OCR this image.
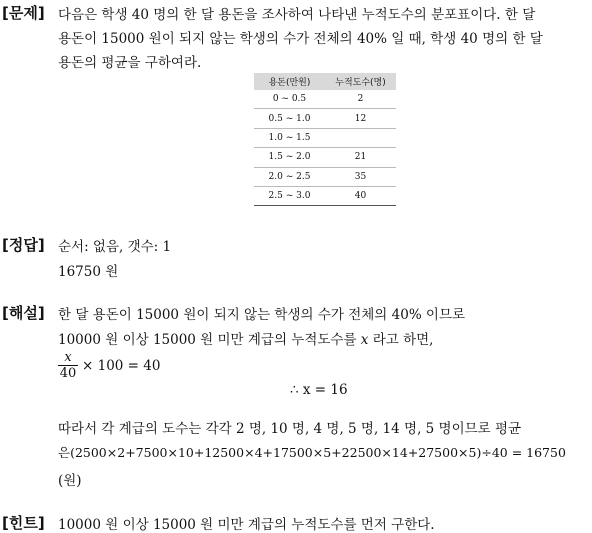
[문제] 다음은 학생 40 명의 한 달 용돈을 조사하여 나타낸 누적도수의 분포표이다. 한 달
용돈이 15000 원이 되지 않는 학생의 수가 전체의 40% 일 때, 학생 40 명의 한 달
용돈의 평균을 구하여라.
용돈(만원)	누적도수(명)
0 ~ 0.5	2
0.5 ~ 1.0	12
1.0 ~ 1.5	
1.5 ~ 2.0	21
2.0 ~ 2.5	35
2.5 ~ 3.0	40
[정답] 순서: 없음, 갯수: 1
16750 원
[해설] 한 달 용돈이 15000 원이 되지 않는 학생의 수가 전체의 40% 이므로
10000 원 이상 15000 원 미만 계급의 누적도수를 x 라고 하면,
$\frac{x}{40} \times 100 = 40$
∴ x = 16
따라서 각 계급의 도수는 각각 2 명, 10 명, 4 명, 5 명, 14 명, 5 명이므로 평균
은(2500×2+7500×10+12500×4+17500×5+22500×14+27500×5)÷40 = 16750
(원)
[힌트] 10000 원 이상 15000 원 미만 계급의 누적도수를 먼저 구한다.
